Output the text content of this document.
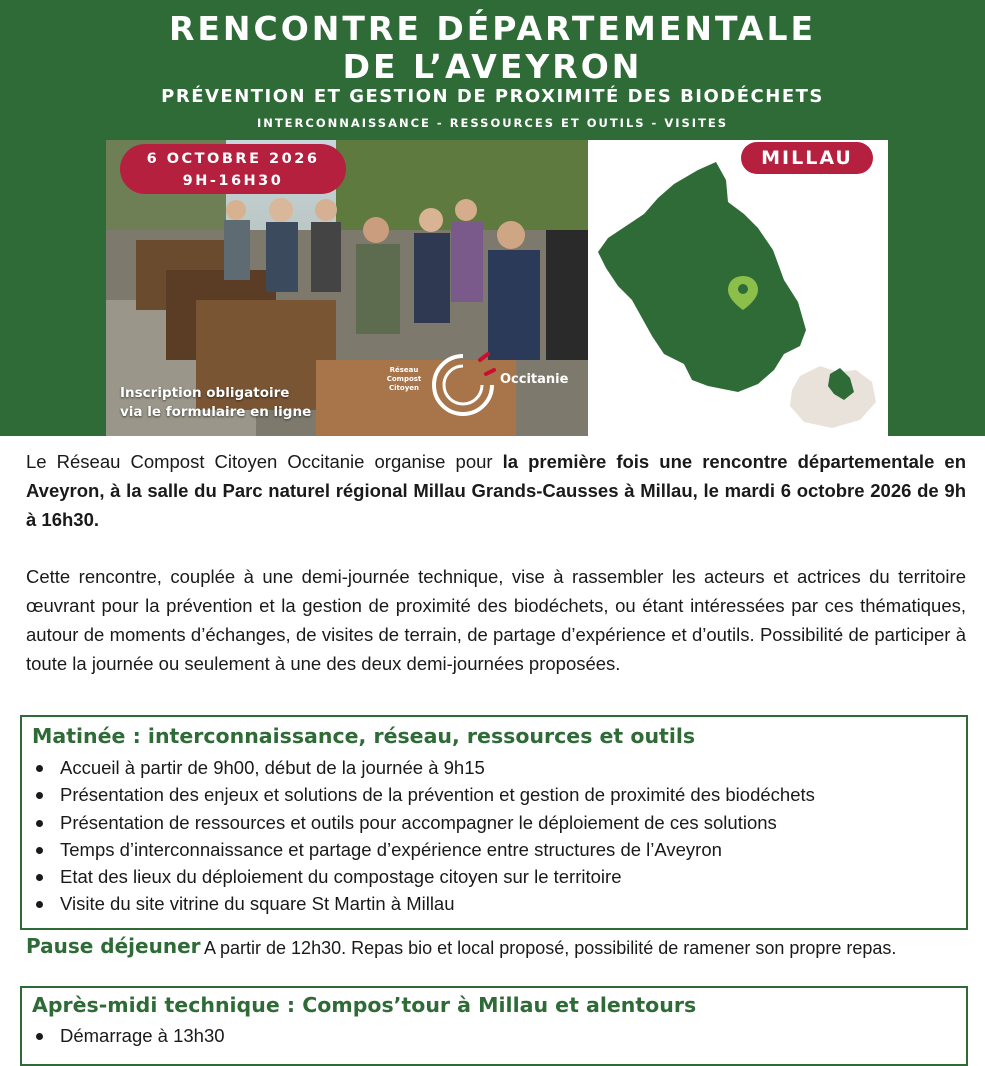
RENCONTRE DÉPARTEMENTALE
DE L’AVEYRON
PRÉVENTION ET GESTION DE PROXIMITÉ DES BIODÉCHETS
INTERCONNAISSANCE - RESSOURCES ET OUTILS - VISITES
6 OCTOBRE 2026
9H-16H30
Inscription obligatoire
via le formulaire en ligne
Réseau
Compost
Citoyen
Occitanie
MILLAU
Le Réseau Compost Citoyen Occitanie organise pour la première fois une rencontre départementale en Aveyron, à la salle du Parc naturel régional Millau Grands-Causses à Millau, le mardi 6 octobre 2026 de 9h à 16h30.
Cette rencontre, couplée à une demi-journée technique, vise à rassembler les acteurs et actrices du territoire œuvrant pour la prévention et la gestion de proximité des biodéchets, ou étant intéressées par ces thématiques, autour de moments d’échanges, de visites de terrain, de partage d’expérience et d’outils. Possibilité de participer à toute la journée ou seulement à une des deux demi-journées proposées.
Matinée : interconnaissance, réseau, ressources et outils
Accueil à partir de 9h00, début de la journée à 9h15
Présentation des enjeux et solutions de la prévention et gestion de proximité des biodéchets
Présentation de ressources et outils pour accompagner le déploiement de ces solutions
Temps d’interconnaissance et partage d’expérience entre structures de l’Aveyron
Etat des lieux du déploiement du compostage citoyen sur le territoire
Visite du site vitrine du square St Martin à Millau
Pause déjeuner A partir de 12h30. Repas bio et local proposé, possibilité de ramener son propre repas.
Après-midi technique : Compos’tour à Millau et alentours
Démarrage à 13h30
